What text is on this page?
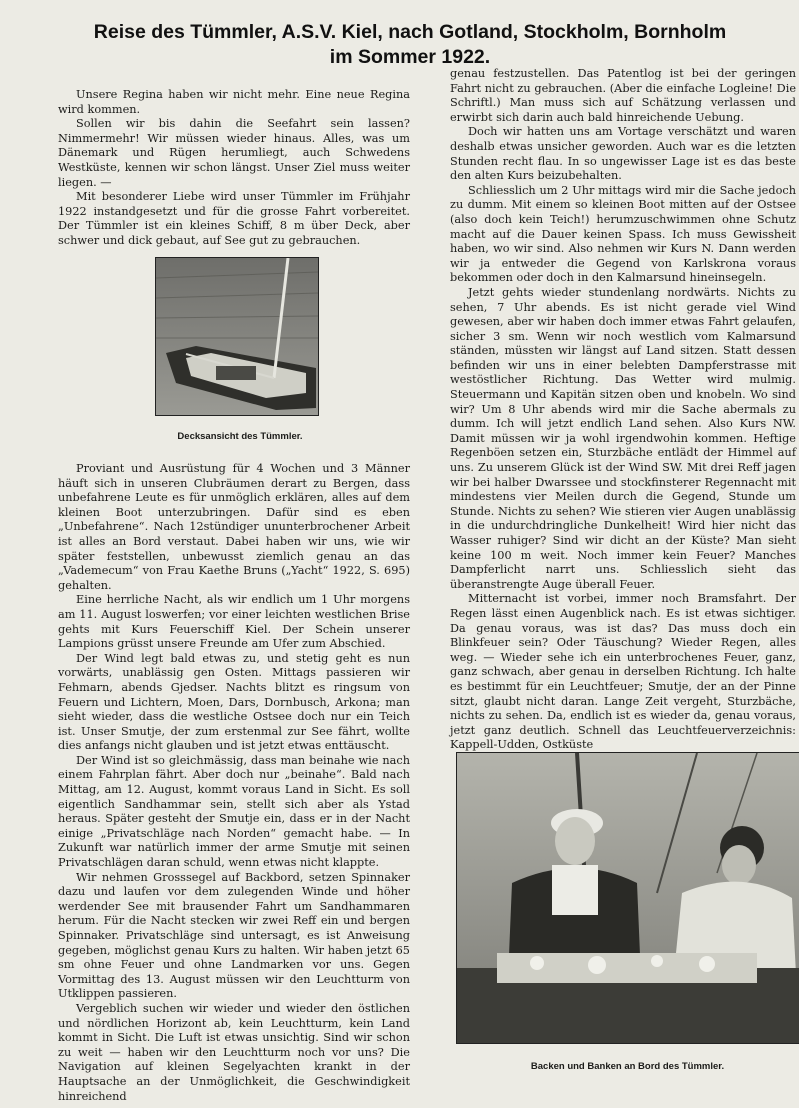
Reise des Tümmler, A.S.V. Kiel, nach Gotland, Stockholm, Bornholm
im Sommer 1922.

Unsere Regina haben wir nicht mehr. Eine neue Regina wird kommen.

Sollen wir bis dahin die Seefahrt sein lassen? Nimmermehr! Wir müssen wieder hinaus. Alles, was um Dänemark und Rügen herumliegt, auch Schwedens Westküste, kennen wir schon längst. Unser Ziel muss weiter liegen. —

Mit besonderer Liebe wird unser Tümmler im Frühjahr 1922 instandgesetzt und für die grosse Fahrt vorbereitet. Der Tümmler ist ein kleines Schiff, 8 m über Deck, aber schwer und dick gebaut, auf See gut zu gebrauchen.

Decksansicht des Tümmler.

Proviant und Ausrüstung für 4 Wochen und 3 Männer häuft sich in unseren Clubräumen derart zu Bergen, dass unbefahrene Leute es für unmöglich erklären, alles auf dem kleinen Boot unterzubringen. Dafür sind es eben „Unbefahrene“. Nach 12stündiger ununterbrochener Arbeit ist alles an Bord verstaut. Dabei haben wir uns, wie wir später feststellen, unbewusst ziemlich genau an das „Vademecum“ von Frau Kaethe Bruns („Yacht“ 1922, S. 695) gehalten.

Eine herrliche Nacht, als wir endlich um 1 Uhr morgens am 11. August loswerfen; vor einer leichten westlichen Brise gehts mit Kurs Feuerschiff Kiel. Der Schein unserer Lampions grüsst unsere Freunde am Ufer zum Abschied.

Der Wind legt bald etwas zu, und stetig geht es nun vorwärts, unablässig gen Osten. Mittags passieren wir Fehmarn, abends Gjedser. Nachts blitzt es ringsum von Feuern und Lichtern, Moen, Dars, Dornbusch, Arkona; man sieht wieder, dass die westliche Ostsee doch nur ein Teich ist. Unser Smutje, der zum erstenmal zur See fährt, wollte dies anfangs nicht glauben und ist jetzt etwas enttäuscht.

Der Wind ist so gleichmässig, dass man beinahe wie nach einem Fahrplan fährt. Aber doch nur „beinahe“. Bald nach Mittag, am 12. August, kommt voraus Land in Sicht. Es soll eigentlich Sandhammar sein, stellt sich aber als Ystad heraus. Später gesteht der Smutje ein, dass er in der Nacht einige „Privatschläge nach Norden“ gemacht habe. — In Zukunft war natürlich immer der arme Smutje mit seinen Privatschlägen daran schuld, wenn etwas nicht klappte.

Wir nehmen Grosssegel auf Backbord, setzen Spinnaker dazu und laufen vor dem zulegenden Winde und höher werdender See mit brausender Fahrt um Sandhammaren herum. Für die Nacht stecken wir zwei Reff ein und bergen Spinnaker. Privatschläge sind untersagt, es ist Anweisung gegeben, möglichst genau Kurs zu halten. Wir haben jetzt 65 sm ohne Feuer und ohne Landmarken vor uns. Gegen Vormittag des 13. August müssen wir den Leuchtturm von Utklippen passieren.

Vergeblich suchen wir wieder und wieder den östlichen und nördlichen Horizont ab, kein Leuchtturm, kein Land kommt in Sicht. Die Luft ist etwas unsichtig. Sind wir schon zu weit — haben wir den Leuchtturm noch vor uns? Die Navigation auf kleinen Segelyachten krankt in der Hauptsache an der Unmöglichkeit, die Geschwindigkeit hinreichend

genau festzustellen. Das Patentlog ist bei der geringen Fahrt nicht zu gebrauchen. (Aber die einfache Logleine! Die Schriftl.) Man muss sich auf Schätzung verlassen und erwirbt sich darin auch bald hinreichende Uebung.

Doch wir hatten uns am Vortage verschätzt und waren deshalb etwas unsicher geworden. Auch war es die letzten Stunden recht flau. In so ungewisser Lage ist es das beste den alten Kurs beizubehalten.

Schliesslich um 2 Uhr mittags wird mir die Sache jedoch zu dumm. Mit einem so kleinen Boot mitten auf der Ostsee (also doch kein Teich!) herumzuschwimmen ohne Schutz macht auf die Dauer keinen Spass. Ich muss Gewissheit haben, wo wir sind. Also nehmen wir Kurs N. Dann werden wir ja entweder die Gegend von Karlskrona voraus bekommen oder doch in den Kalmarsund hineinsegeln.

Jetzt gehts wieder stundenlang nordwärts. Nichts zu sehen, 7 Uhr abends. Es ist nicht gerade viel Wind gewesen, aber wir haben doch immer etwas Fahrt gelaufen, sicher 3 sm. Wenn wir noch westlich vom Kalmarsund ständen, müssten wir längst auf Land sitzen. Statt dessen befinden wir uns in einer belebten Dampferstrasse mit westöstlicher Richtung. Das Wetter wird mulmig. Steuermann und Kapitän sitzen oben und knobeln. Wo sind wir? Um 8 Uhr abends wird mir die Sache abermals zu dumm. Ich will jetzt endlich Land sehen. Also Kurs NW. Damit müssen wir ja wohl irgendwohin kommen. Heftige Regenböen setzen ein, Sturzbäche entlädt der Himmel auf uns. Zu unserem Glück ist der Wind SW. Mit drei Reff jagen wir bei halber Dwarssee und stockfinsterer Regennacht mit mindestens vier Meilen durch die Gegend, Stunde um Stunde. Nichts zu sehen? Wie stieren vier Augen unablässig in die undurchdringliche Dunkelheit! Wird hier nicht das Wasser ruhiger? Sind wir dicht an der Küste? Man sieht keine 100 m weit. Noch immer kein Feuer? Manches Dampferlicht narrt uns. Schliesslich sieht das überanstrengte Auge überall Feuer.

Mitternacht ist vorbei, immer noch Bramsfahrt. Der Regen lässt einen Augenblick nach. Es ist etwas sichtiger. Da genau voraus, was ist das? Das muss doch ein Blinkfeuer sein? Oder Täuschung? Wieder Regen, alles weg. — Wieder sehe ich ein unterbrochenes Feuer, ganz, ganz schwach, aber genau in derselben Richtung. Ich halte es bestimmt für ein Leuchtfeuer; Smutje, der an der Pinne sitzt, glaubt nicht daran. Lange Zeit vergeht, Sturzbäche, nichts zu sehen. Da, endlich ist es wieder da, genau voraus, jetzt ganz deutlich. Schnell das Leuchtfeuerverzeichnis: Kappell-Udden, Ostküste

Backen und Banken an Bord des Tümmler.
